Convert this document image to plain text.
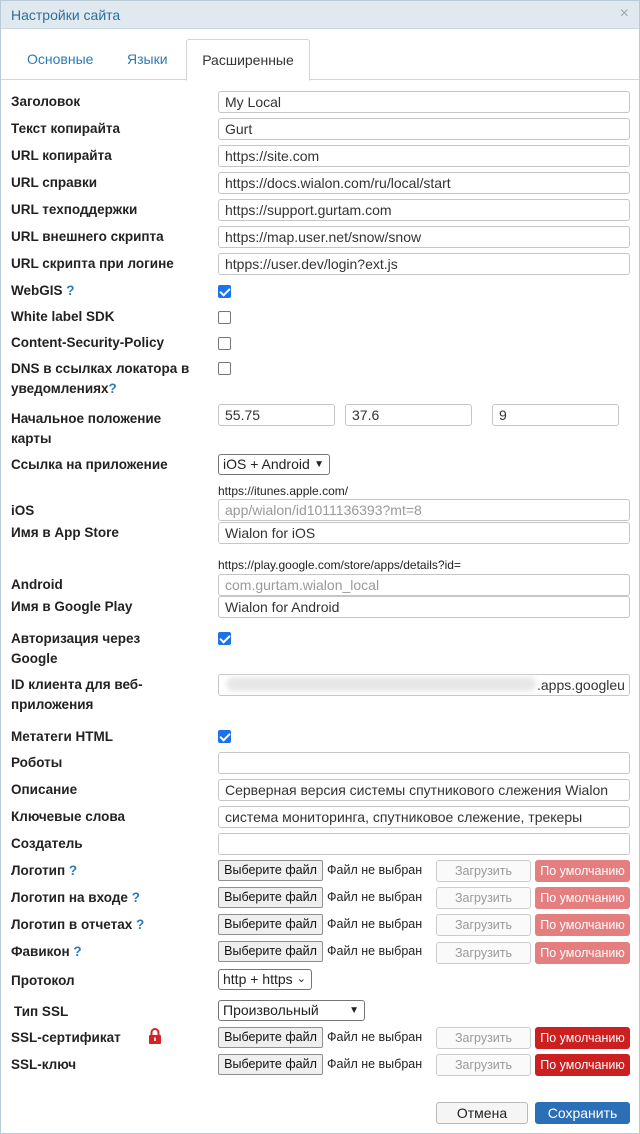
Настройки сайта	×
Основные Языки	Расширенные
Заголовок	My Local
Текст копирайта	Gurt
URL копирайта	https://site.com
URL справки	https://docs.wialon.com/ru/local/start
URL техподдержки	https://support.gurtam.com
URL внешнего скрипта	https://map.user.net/snow/snow
URL скрипта при логине	htpps://user.dev/login?ext.js
WebGIS ?
White label SDK
Content-Security-Policy
DNS в ссылках локатора в
уведомлениях?
Начальное положение
карты
55.75	37.6	9
Ссылка на приложение	iOS + Android ▼
https://itunes.apple.com/
iOS	app/wialon/id1011136393?mt=8
Имя в App Store	Wialon for iOS
https://play.google.com/store/apps/details?id=
Android	com.gurtam.wialon_local
Имя в Google Play	Wialon for Android
Авторизация через
Google
ID клиента для веб-
приложения
.apps.googleu
Метатеги HTML
Роботы
Описание	Серверная версия системы спутникового слежения Wialon
Ключевые слова	система мониторинга, спутниковое слежение, трекеры
Создатель
Логотип ?	Выберите файл Файл не выбран	Загрузить	По умолчанию
Логотип на входе ?	Выберите файл Файл не выбран	Загрузить	По умолчанию
Логотип в отчетах ?	Выберите файл Файл не выбран	Загрузить	По умолчанию
Фавикон ?	Выберите файл Файл не выбран	Загрузить	По умолчанию
Протокол	http + https ⌄
Тип SSL	Произвольный	▼
SSL-сертификат	Выберите файл Файл не выбран	Загрузить	По умолчанию
SSL-ключ	Выберите файл Файл не выбран	Загрузить	По умолчанию
Отмена	Сохранить
